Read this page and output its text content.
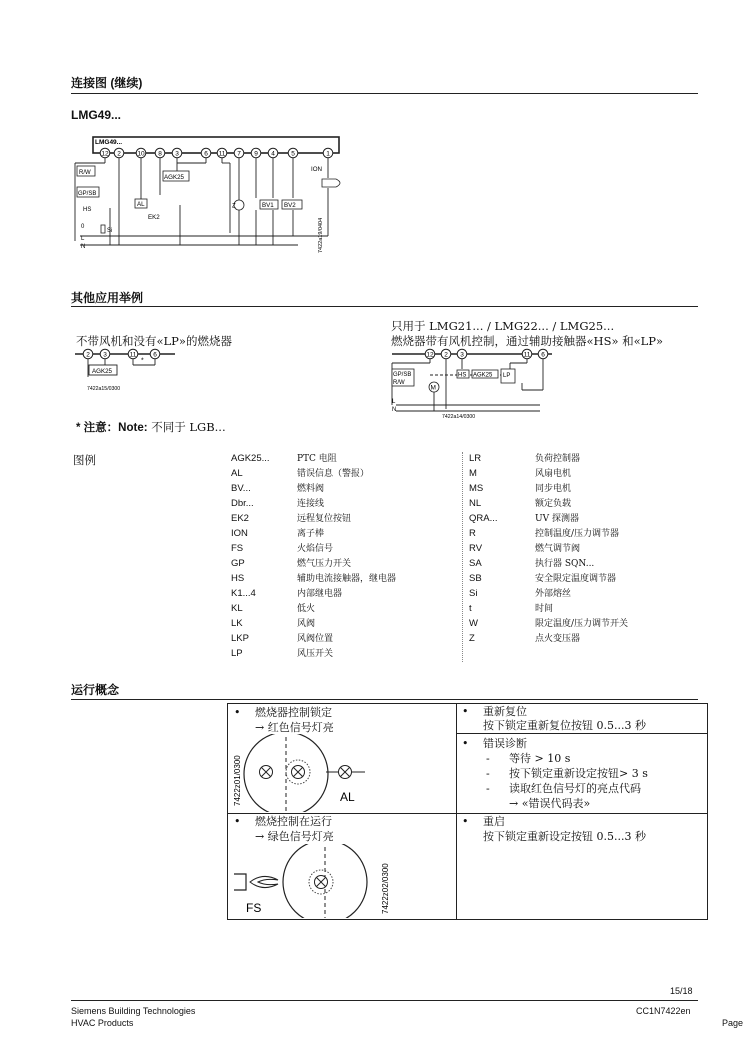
连接图 (继续)
LMG49...
LMG49...
12 2	10 8 3	6 11 7 9 4	5	1
R/W
GP/SB
HS
0
L
N
Si
AGK25
AL
EK2
Z	BV1 BV2
ION
7422a19/0404
其他应用举例
不带风机和没有«LP»的燃烧器
2 3	11	6
AGK25
*
7422a15/0300
只用于 LMG21... / LMG22... / LMG25...
燃烧器带有风机控制，通过辅助接触器«HS» 和«LP»
12 2 3	11 6
GP/SB
R/W
M
HS AGK25 LP
L
N
7422a14/0300
* 注意：Note: 不同于 LGB...
图例	AGK25...	PTC 电阻
AL	错误信息（警报）
BV...	燃料阀
Dbr...	连接线
EK2	远程复位按钮
ION	离子棒
FS	火焰信号
GP	燃气压力开关
HS	辅助电流接触器，继电器
K1...4	内部继电器
KL	低火
LK	风阀
LKP	风阀位置
LP	风压开关
LR	负荷控制器
M	风扇电机
MS	同步电机
NL	额定负载
QRA...	UV 探测器
R	控制温度/压力调节器
RV	燃气调节阀
SA	执行器 SQN...
SB	安全限定温度调节器
Si	外部熔丝
t	时间
W	限定温度/压力调节开关
Z	点火变压器
运行概念
• 燃烧器控制锁定
→ 红色信号灯亮
AL
7422z01/0300
• 重新复位
按下锁定重新复位按钮 0.5...3 秒
• 错误诊断
- 等待 > 10 s
- 按下锁定重新设定按钮> 3 s
- 读取红色信号灯的亮点代码
→ «错误代码表»
• 燃烧控制在运行
→ 绿色信号灯亮
FS	7422z02/0300
• 重启
按下锁定重新设定按钮 0.5...3 秒
15/18
Siemens Building Technologies
HVAC Products
CC1N7422en
Page
